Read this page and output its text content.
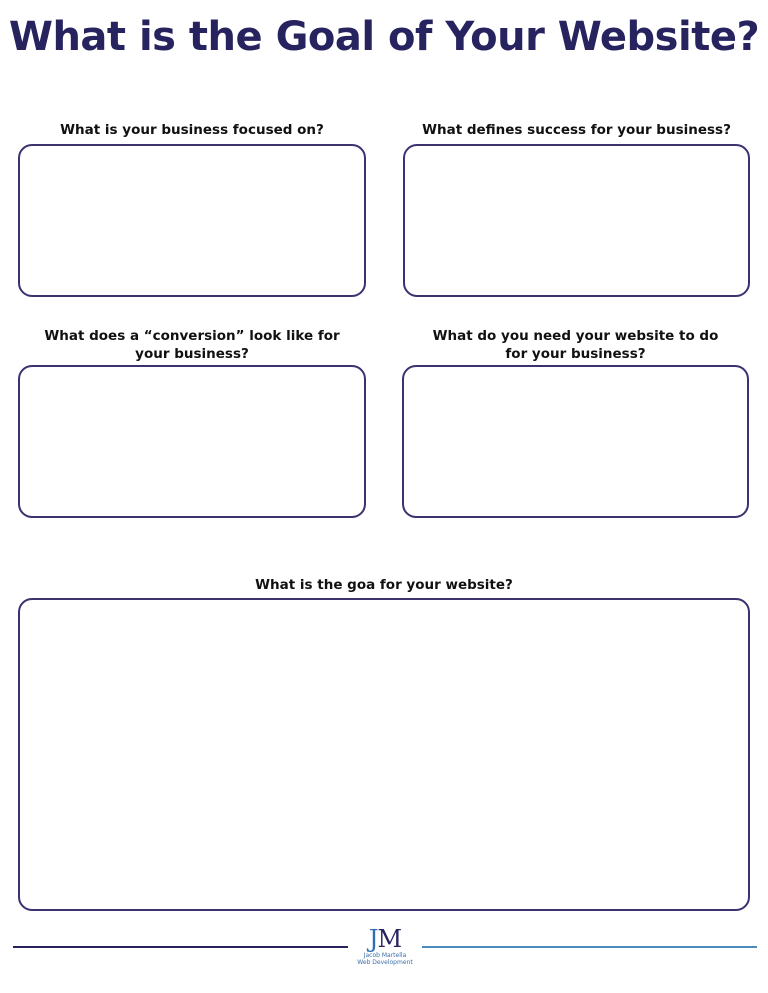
What is the Goal of Your Website?
What is your business focused on?	What defines success for your business?
What does a “conversion” look like for
your business?
What do you need your website to do
for your business?
What is the goa for your website?
JM
Jacob Martella
Web Development
